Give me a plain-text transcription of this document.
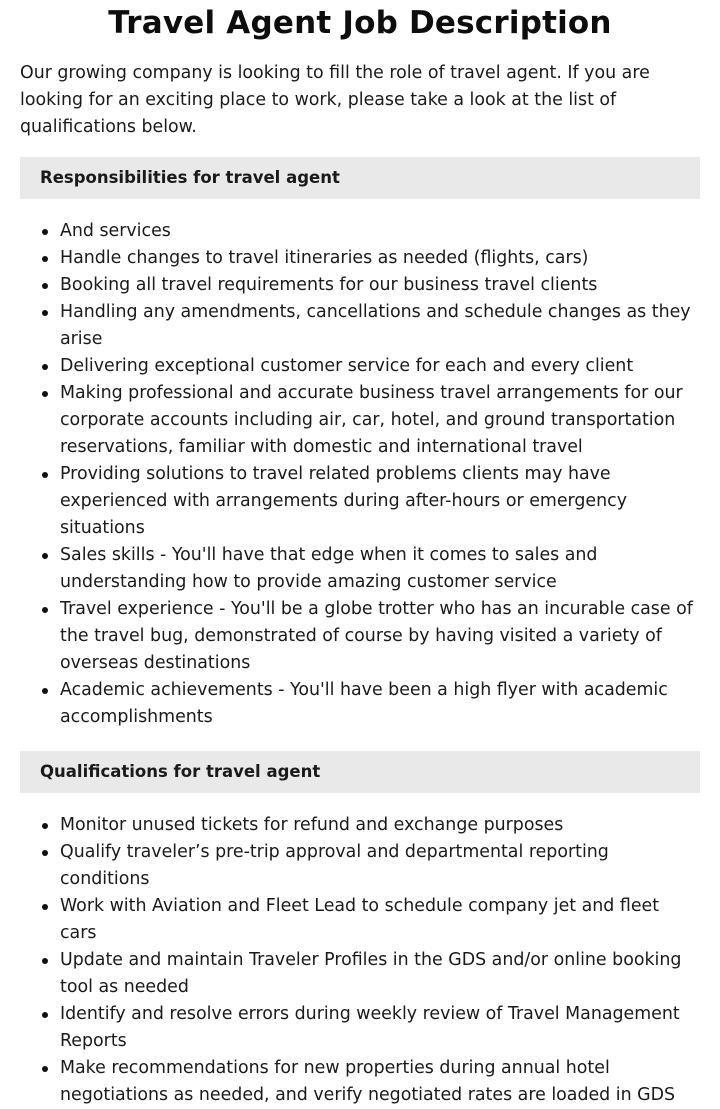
Travel Agent Job Description

Our growing company is looking to fill the role of travel agent. If you are looking for an exciting place to work, please take a look at the list of qualifications below.

Responsibilities for travel agent
And services
Handle changes to travel itineraries as needed (flights, cars)
Booking all travel requirements for our business travel clients
Handling any amendments, cancellations and schedule changes as they arise
Delivering exceptional customer service for each and every client
Making professional and accurate business travel arrangements for our corporate accounts including air, car, hotel, and ground transportation reservations, familiar with domestic and international travel
Providing solutions to travel related problems clients may have experienced with arrangements during after-hours or emergency situations
Sales skills - You'll have that edge when it comes to sales and understanding how to provide amazing customer service
Travel experience - You'll be a globe trotter who has an incurable case of the travel bug, demonstrated of course by having visited a variety of overseas destinations
Academic achievements - You'll have been a high flyer with academic accomplishments
Qualifications for travel agent
Monitor unused tickets for refund and exchange purposes
Qualify traveler’s pre-trip approval and departmental reporting conditions
Work with Aviation and Fleet Lead to schedule company jet and fleet cars
Update and maintain Traveler Profiles in the GDS and/or online booking tool as needed
Identify and resolve errors during weekly review of Travel Management Reports
Make recommendations for new properties during annual hotel negotiations as needed, and verify negotiated rates are loaded in GDS
